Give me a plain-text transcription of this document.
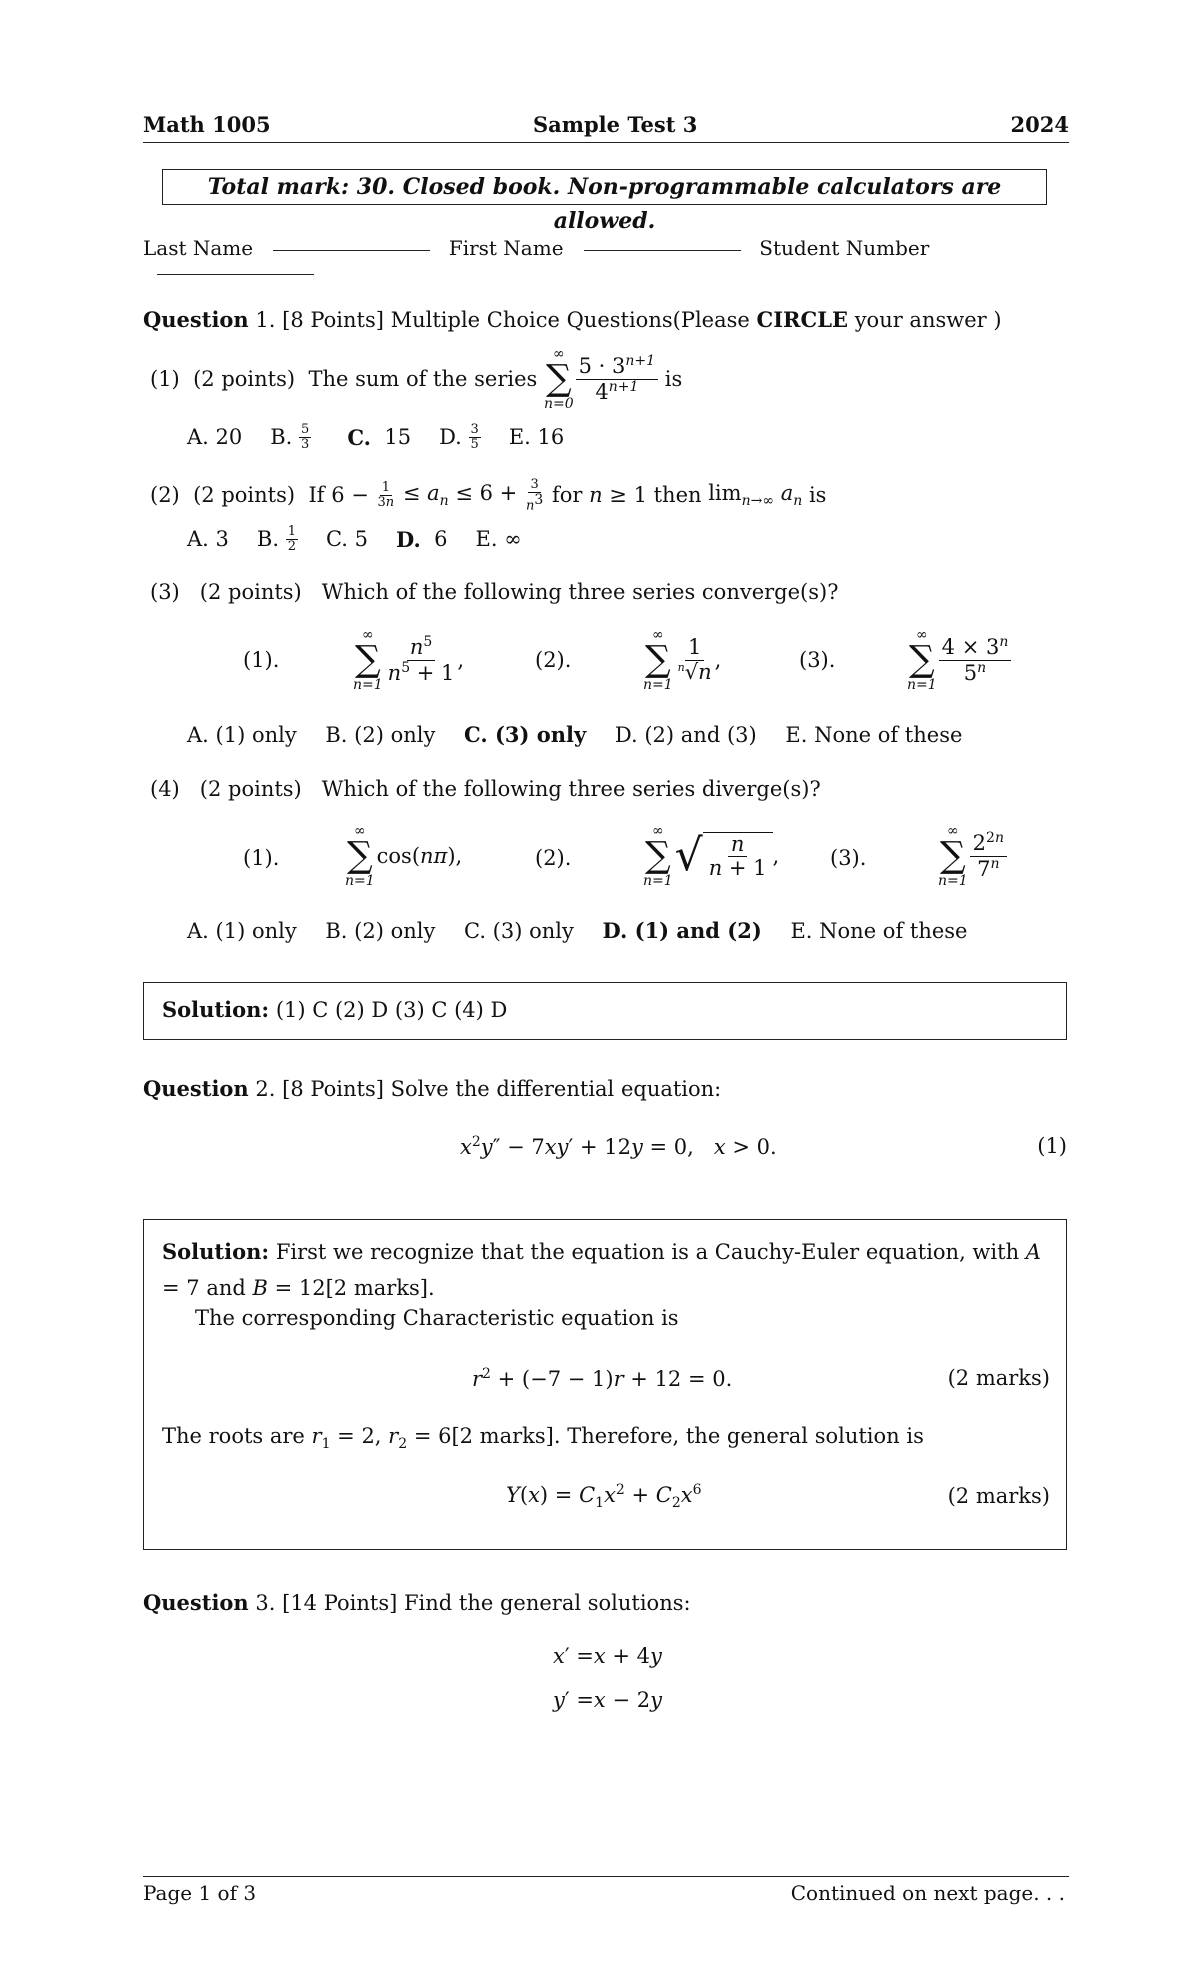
Math 1005	Sample Test 3	2024
Total mark: 30. Closed book. Non-programmable calculators are allowed.
Last Name	First Name	Student Number
Question 1. [8 Points] Multiple Choice Questions(Please CIRCLE your answer )
(1)
(2 points)
The sum of the series

∞
∑
n=0
$\frac{5 \cdot 3^{n+1}}{4^{n+1}}$
is
A. 20 B.
5
3 C.
15 D.
3
5 E. 16
(2)
(2 points)
If
$6 - \frac{1}{3n} \le a_n \le 6 + \frac{3}{n^3}$
for
n ≥ 1 then
$\lim_{n\to\infty} a_n$
is
A. 3 B.
1
2 C. 5 D.
6 E. ∞
(3) (2 points) Which of the following three series converge(s)?
(1).
∞
∑
n=1
$\frac{n^5}{n^5 + 1}$ ,	(2).
∞
∑
n=1
$\frac{1}{^n√n}$ ,	(3).
∞
∑
n=1
$\frac{4 \times 3^n}{5^n}$
A. (1) only B. (2) only C. (3) only D. (2) and (3) E. None of these
(4) (2 points) Which of the following three series diverge(s)?
(1).
∞
∑
n=1
cos(nπ),	(2).
∞
∑
n=1 √ $\frac{n}{n + 1}$ , (3).
∞
∑
n=1
$\frac{2^{2n}}{7^n}$
A. (1) only B. (2) only C. (3) only D. (1) and (2) E. None of these
Solution: (1) C (2) D (3) C (4) D
Question 2. [8 Points] Solve the differential equation:
$x^2y'' - 7xy' + 12y = 0$,   x > 0.	(1)
Solution: First we recognize that the equation is a Cauchy-Euler equation, with A = 7 and B = 12[2 marks].
The corresponding Characteristic equation is
$r^2 + (-7 - 1)r + 12 = 0$.	(2 marks)
The roots are $r_1 = 2$, $r_2 = 6[2$ marks]. Therefore, the general solution is
$Y(x) = C_1x^2 + C_2x^6$	(2 marks)
Question 3. [14 Points] Find the general solutions:
x′ =x + 4y
y′ =x − 2y
Page 1 of 3	Continued on next page. . .
